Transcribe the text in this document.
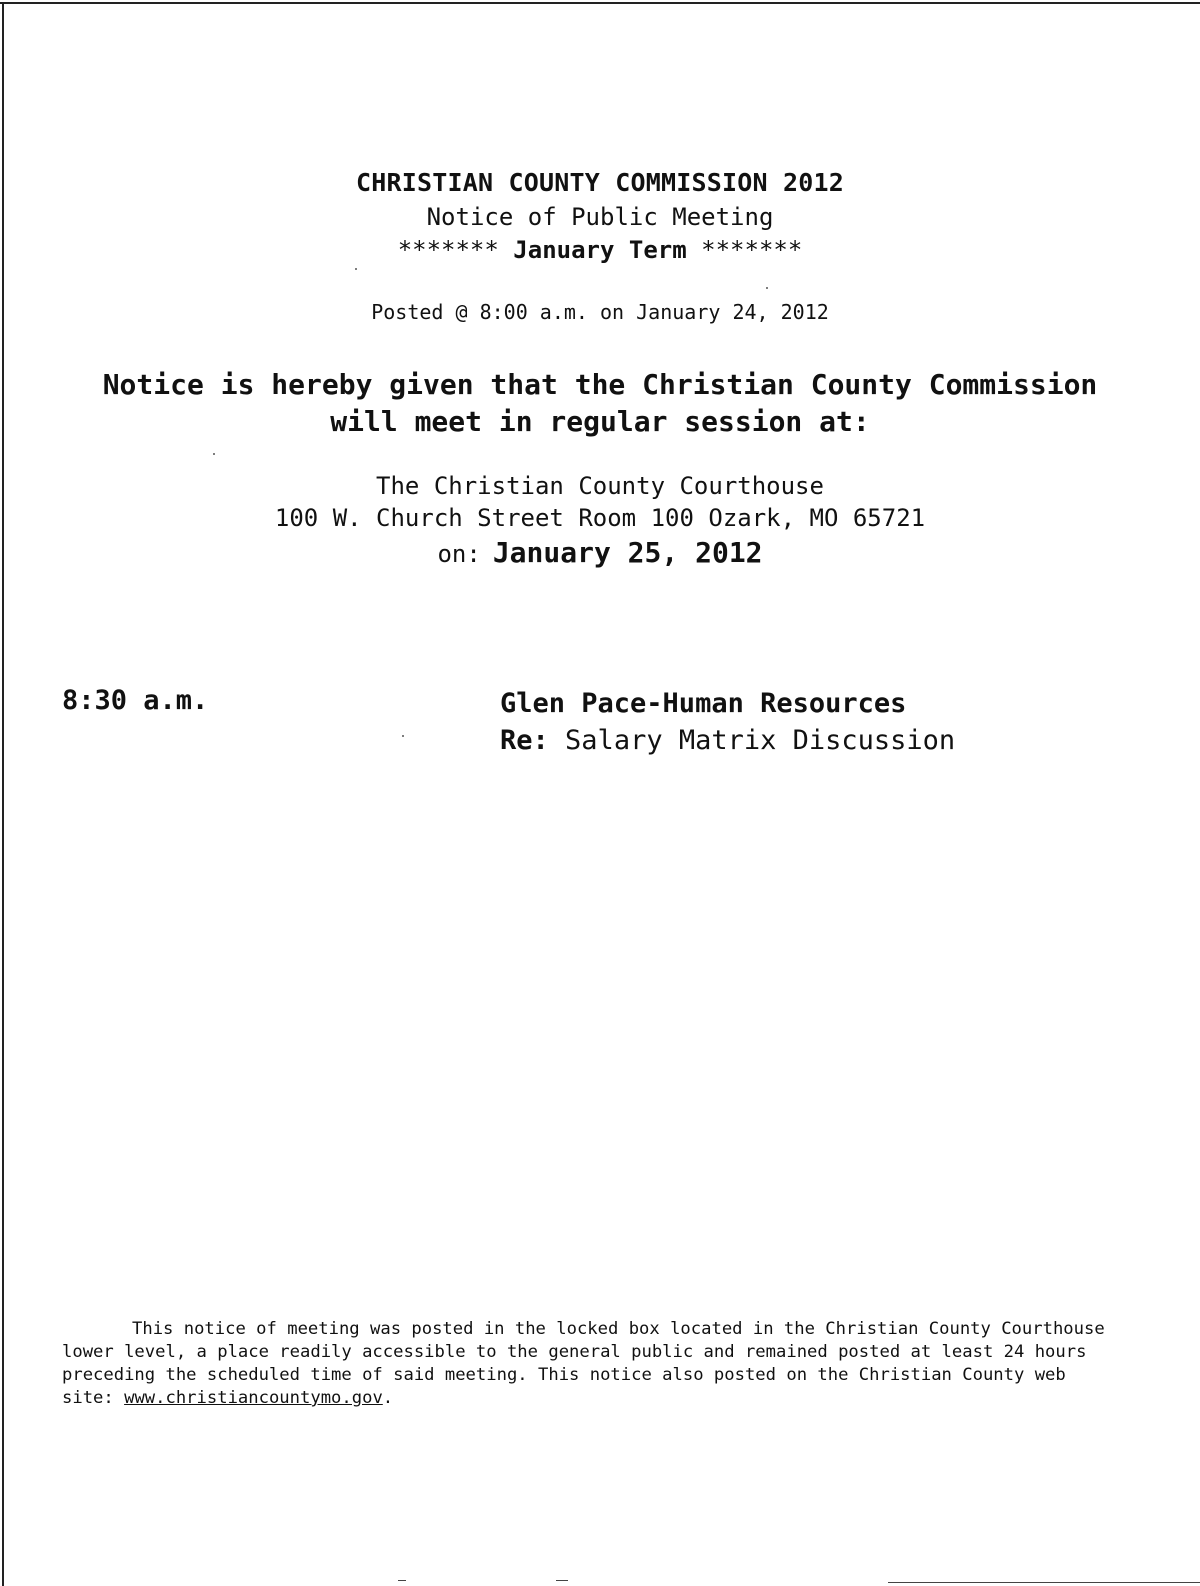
CHRISTIAN COUNTY COMMISSION 2012
Notice of Public Meeting
******* January Term *******
Posted @ 8:00 a.m. on January 24, 2012
Notice is hereby given that the Christian County Commission
will meet in regular session at:
The Christian County Courthouse
100 W. Church Street Room 100 Ozark, MO 65721
on: January 25, 2012
8:30 a.m.	Glen Pace-Human Resources
Re: Salary Matrix Discussion
This notice of meeting was posted in the locked box located in the Christian County Courthouse
lower level, a place readily accessible to the general public and remained posted at least 24 hours
preceding the scheduled time of said meeting. This notice also posted on the Christian County web
site: www.christiancountymo.gov.
